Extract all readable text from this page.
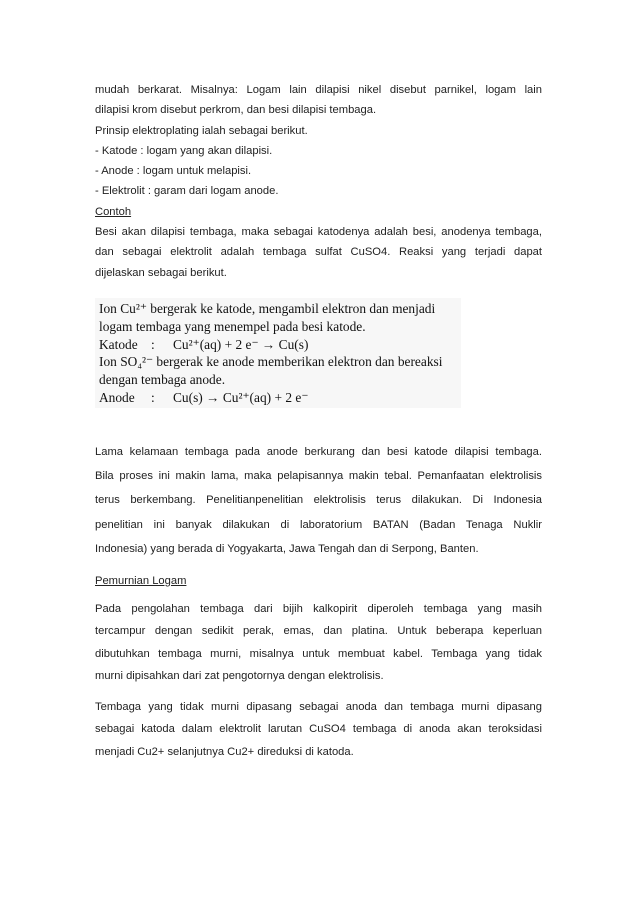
mudah berkarat. Misalnya: Logam lain dilapisi nikel disebut parnikel, logam lain
dilapisi krom disebut perkrom, dan besi dilapisi tembaga.
Prinsip elektroplating ialah sebagai berikut.
- Katode : logam yang akan dilapisi.
- Anode : logam untuk melapisi.
- Elektrolit : garam dari logam anode.
Contoh
Besi akan dilapisi tembaga, maka sebagai katodenya adalah besi, anodenya tembaga,
dan sebagai elektrolit adalah tembaga sulfat CuSO4. Reaksi yang terjadi dapat
dijelaskan sebagai berikut.
Ion Cu²⁺ bergerak ke katode, mengambil elektron dan menjadi
logam tembaga yang menempel pada besi katode.
Katode : Cu²⁺(aq) + 2 e⁻ → Cu(s)
Ion SO₄²⁻ bergerak ke anode memberikan elektron dan bereaksi
dengan tembaga anode.
Anode : Cu(s) → Cu²⁺(aq) + 2 e⁻
Lama kelamaan tembaga pada anode berkurang dan besi katode dilapisi tembaga.
Bila proses ini makin lama, maka pelapisannya makin tebal. Pemanfaatan elektrolisis
terus berkembang. Penelitianpenelitian elektrolisis terus dilakukan. Di Indonesia
penelitian ini banyak dilakukan di laboratorium BATAN (Badan Tenaga Nuklir
Indonesia) yang berada di Yogyakarta, Jawa Tengah dan di Serpong, Banten.
Pemurnian Logam
Pada pengolahan tembaga dari bijih kalkopirit diperoleh tembaga yang masih
tercampur dengan sedikit perak, emas, dan platina. Untuk beberapa keperluan
dibutuhkan tembaga murni, misalnya untuk membuat kabel. Tembaga yang tidak
murni dipisahkan dari zat pengotornya dengan elektrolisis.
Tembaga yang tidak murni dipasang sebagai anoda dan tembaga murni dipasang
sebagai katoda dalam elektrolit larutan CuSO4 tembaga di anoda akan teroksidasi
menjadi Cu2+ selanjutnya Cu2+ direduksi di katoda.
